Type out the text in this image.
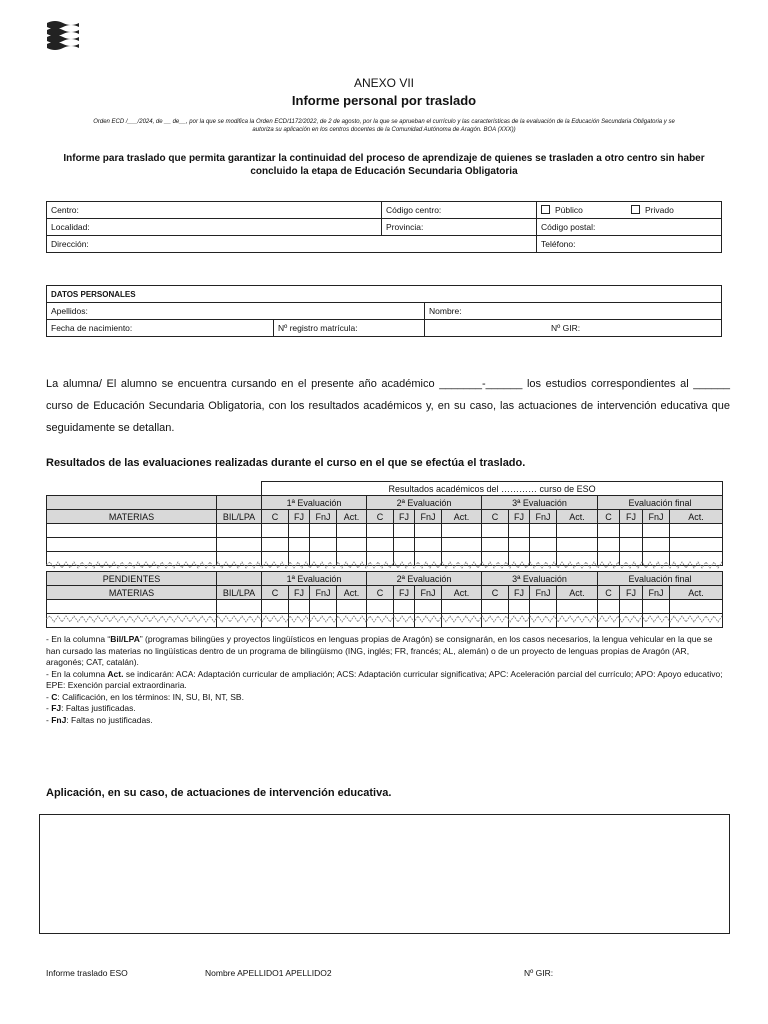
ANEXO VII
Informe personal por traslado
Orden ECD /___/2024, de __ de__, por la que se modifica la Orden ECD/1172/2022, de 2 de agosto, por la que se aprueban el currículo y las características de la evaluación de la Educación Secundaria Obligatoria y se
autoriza su aplicación en los centros docentes de la Comunidad Autónoma de Aragón. BOA (XXX))
Informe para traslado que permita garantizar la continuidad del proceso de aprendizaje de quienes se trasladen a otro centro sin haber
concluido la etapa de Educación Secundaria Obligatoria
Centro:	Código centro:	Público Privado
Localidad:	Provincia:	Código postal:
Dirección:		Teléfono:
DATOS PERSONALES		
Apellidos:		Nombre:
Fecha de nacimiento:	Nº registro matrícula:	Nº GIR:
La alumna/ El alumno se encuentra cursando en el presente año académico _______-______ los estudios correspondientes al ______ curso de Educación Secundaria Obligatoria, con los resultados académicos y, en su caso, las actuaciones de intervención educativa que seguidamente se detallan.
Resultados de las evaluaciones realizadas durante el curso en el que se efectúa el traslado.
		Resultados académicos del ………… curso de ESO															
		1ª Evaluación				2ª Evaluación				3ª Evaluación				Evaluación final			
MATERIAS	BIL/LPA	C	FJ	FnJ	Act.	C	FJ	FnJ	Act.	C	FJ	FnJ	Act.	C	FJ	FnJ	Act.

PENDIENTES		1ª Evaluación				2ª Evaluación				3ª Evaluación				Evaluación final			
MATERIAS	BIL/LPA	C	FJ	FnJ	Act.	C	FJ	FnJ	Act.	C	FJ	FnJ	Act.	C	FJ	FnJ	Act.

- En la columna “Bil/LPA” (programas bilingües y proyectos lingüísticos en lenguas propias de Aragón) se consignarán, en los casos necesarios, la lengua vehicular en la que se han cursado las materias no lingüísticas dentro de un programa de bilingüismo (ING, inglés; FR, francés; AL, alemán) o de un proyecto de lenguas propias de Aragón (AR, aragonés; CAT, catalán).

- En la columna Act. se indicarán: ACA: Adaptación curricular de ampliación; ACS: Adaptación curricular significativa; APC: Aceleración parcial del currículo; APO: Apoyo educativo; EPE: Exención parcial extraordinaria.

- C: Calificación, en los términos: IN, SU, BI, NT, SB.

- FJ: Faltas justificadas.

- FnJ: Faltas no justificadas.

Aplicación, en su caso, de actuaciones de intervención educativa.
Informe traslado ESO	Nombre APELLIDO1 APELLIDO2	Nº GIR:
